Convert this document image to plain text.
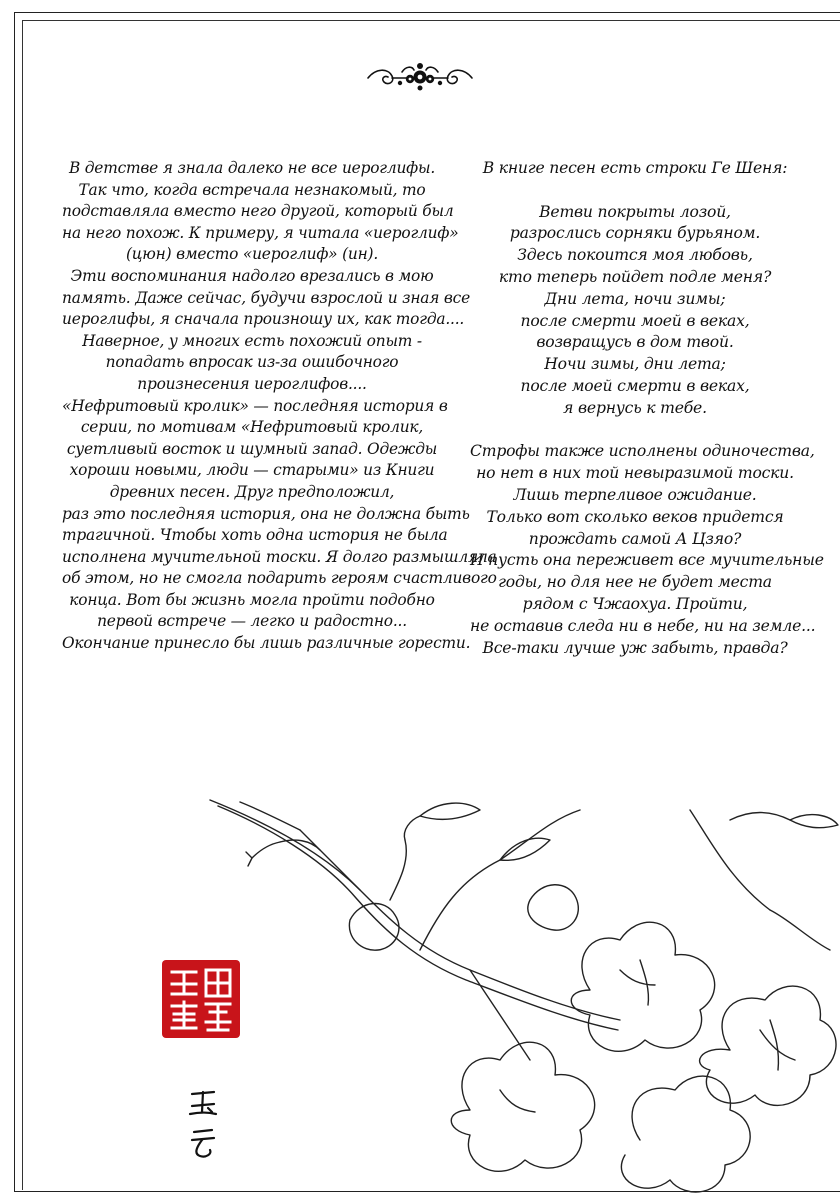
В детстве я знала далеко не все иероглифы.
Так что, когда встречала незнакомый, то
подставляла вместо него другой, который был
на него похож. К примеру, я читала «иероглиф»
(цюн) вместо «иероглиф» (ин).
Эти воспоминания надолго врезались в мою
память. Даже сейчас, будучи взрослой и зная все
иероглифы, я сначала произношу их, как тогда....
Наверное, у многих есть похожий опыт -
попадать впросак из-за ошибочного
произнесения иероглифов....
«Нефритовый кролик» — последняя история в
серии, по мотивам «Нефритовый кролик,
суетливый восток и шумный запад. Одежды
хороши новыми, люди — старыми» из Книги
древних песен. Друг предположил,
раз это последняя история, она не должна быть
трагичной. Чтобы хоть одна история не была
исполнена мучительной тоски. Я долго размышляла
об этом, но не смогла подарить героям счастливого
конца. Вот бы жизнь могла пройти подобно
первой встрече — легко и радостно...
Окончание принесло бы лишь различные горести.
В книге песен есть строки Ге Шеня:
Ветви покрыты лозой,
разрослись сорняки бурьяном.
Здесь покоится моя любовь,
кто теперь пойдет подле меня?
Дни лета, ночи зимы;
после смерти моей в веках,
возвращусь в дом твой.
Ночи зимы, дни лета;
после моей смерти в веках,
я вернусь к тебе.
Строфы также исполнены одиночества,
но нет в них той невыразимой тоски.
Лишь терпеливое ожидание.
Только вот сколько веков придется
прождать самой А Цзяо?
И пусть она переживет все мучительные
годы, но для нее не будет места
рядом с Чжаохуа. Пройти,
не оставив следа ни в небе, ни на земле...
Все-таки лучше уж забыть, правда?
